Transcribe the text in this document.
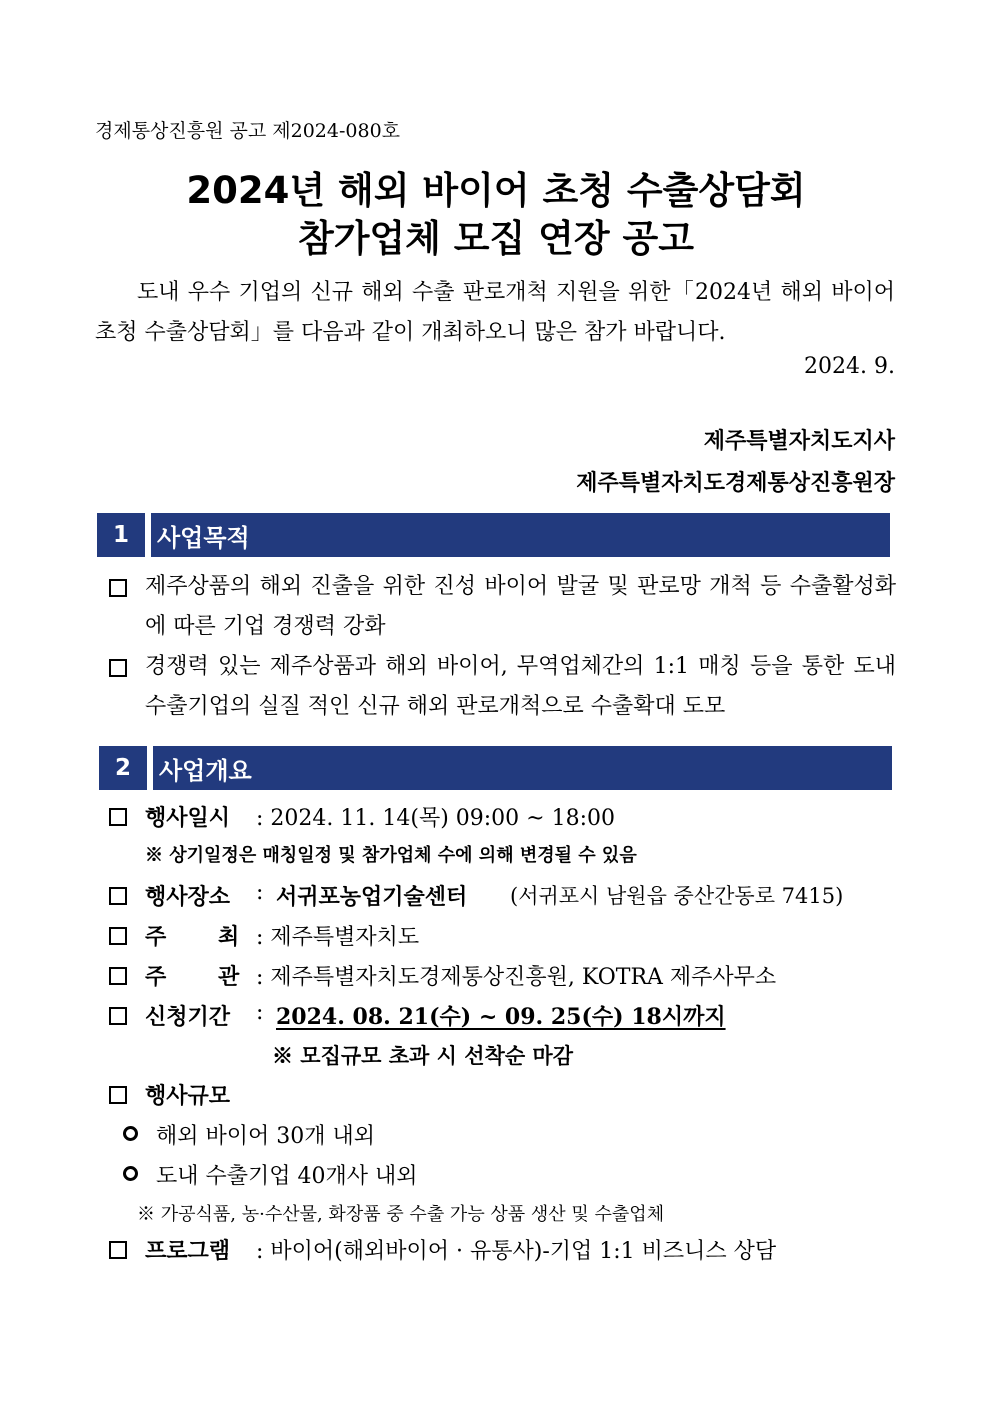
경제통상진흥원 공고 제2024-080호
2024년 해외 바이어 초청 수출상담회
참가업체 모집 연장 공고
도내 우수 기업의 신규 해외 수출 판로개척 지원을 위한「2024년 해외 바이어 초청 수출상담회」를 다음과 같이 개최하오니 많은 참가 바랍니다.
2024. 9.
제주특별자치도지사
제주특별자치도경제통상진흥원장
1	사업목적
제주상품의 해외 진출을 위한 진성 바이어 발굴 및 판로망 개척 등 수출활성화에 따른 기업 경쟁력 강화
경쟁력 있는 제주상품과 해외 바이어, 무역업체간의 1:1 매칭 등을 통한 도내 수출기업의 실질 적인 신규 해외 판로개척으로 수출확대 도모
2	사업개요
행사일시 : 2024. 11. 14(목) 09:00 ~ 18:00
※ 상기일정은 매칭일정 및 참가업체 수에 의해 변경될 수 있음
행사장소 : 서귀포농업기술센터 (서귀포시 남원읍 중산간동로 7415)
주 최 : 제주특별자치도
주 관 : 제주특별자치도경제통상진흥원, KOTRA 제주사무소
신청기간 : 2024. 08. 21(수) ~ 09. 25(수) 18시까지
※ 모집규모 초과 시 선착순 마감
행사규모
해외 바이어 30개 내외
도내 수출기업 40개사 내외
※ 가공식품, 농·수산물, 화장품 중 수출 가능 상품 생산 및 수출업체
프로그램 : 바이어(해외바이어 · 유통사)-기업 1:1 비즈니스 상담
